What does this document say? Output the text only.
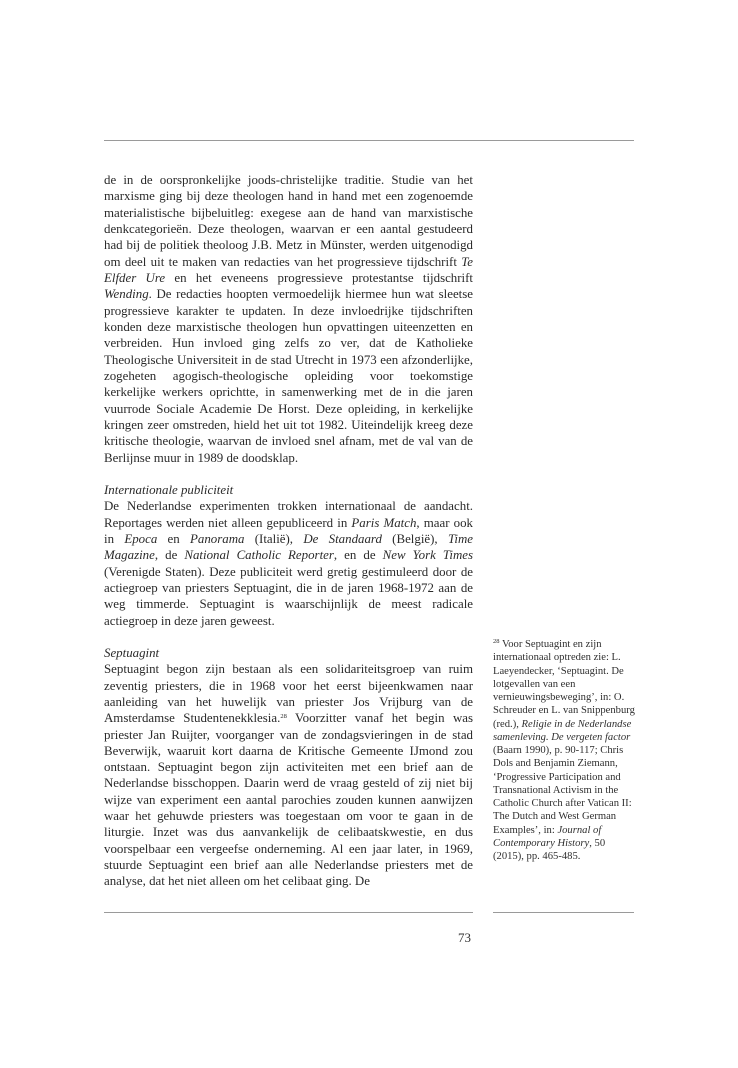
de in de oorspronkelijke joods-christelijke traditie. Studie van het marxisme ging bij deze theologen hand in hand met een zogenoemde materialistische bijbeluitleg: exegese aan de hand van marxistische denkcategorieën. Deze theologen, waarvan er een aantal gestudeerd had bij de politiek theoloog J.B. Metz in Münster, werden uitgenodigd om deel uit te maken van redacties van het progressieve tijdschrift Te Elfder Ure en het eveneens progressieve protestantse tijdschrift Wending. De redacties hoopten vermoedelijk hiermee hun wat sleetse progressieve karakter te updaten. In deze invloedrijke tijdschriften konden deze marxistische theologen hun opvattingen uiteenzetten en verbreiden. Hun invloed ging zelfs zo ver, dat de Katholieke Theologische Universiteit in de stad Utrecht in 1973 een afzonderlijke, zogeheten agogisch-theologische opleiding voor toekomstige kerkelijke werkers oprichtte, in samenwerking met de in die jaren vuurrode Sociale Academie De Horst. Deze opleiding, in kerkelijke kringen zeer omstreden, hield het uit tot 1982. Uiteindelijk kreeg deze kritische theologie, waarvan de invloed snel afnam, met de val van de Berlijnse muur in 1989 de doodsklap.

Internationale publiciteit

De Nederlandse experimenten trokken internationaal de aandacht. Reportages werden niet alleen gepubliceerd in Paris Match, maar ook in Epoca en Panorama (Italië), De Standaard (België), Time Magazine, de National Catholic Reporter, en de New York Times (Verenigde Staten). Deze publiciteit werd gretig gestimuleerd door de actiegroep van priesters Septuagint, die in de jaren 1968-1972 aan de weg timmerde. Septuagint is waarschijnlijk de meest radicale actiegroep in deze jaren geweest.

Septuagint

Septuagint begon zijn bestaan als een solidariteitsgroep van ruim zeventig priesters, die in 1968 voor het eerst bijeenkwamen naar aanleiding van het huwelijk van priester Jos Vrijburg van de Amsterdamse Studentenekklesia.$^{28}$ Voorzitter vanaf het begin was priester Jan Ruijter, voorganger van de zondagsvieringen in de stad Beverwijk, waaruit kort daarna de Kritische Gemeente IJmond zou ontstaan. Septuagint begon zijn activiteiten met een brief aan de Nederlandse bisschoppen. Daarin werd de vraag gesteld of zij niet bij wijze van experiment een aantal parochies zouden kunnen aanwijzen waar het gehuwde priesters was toegestaan om voor te gaan in de liturgie. Inzet was dus aanvankelijk de celibaatskwestie, en dus voorspelbaar een vergeefse onderneming. Al een jaar later, in 1969, stuurde Septuagint een brief aan alle Nederlandse priesters met de analyse, dat het niet alleen om het celibaat ging. De

$^{28}$ Voor Septuagint en zijn internationaal optreden zie: L. Laeyendecker, ‘Septuagint. De lotgevallen van een vernieuwingsbeweging’, in: O. Schreuder en L. van Snippenburg (red.), Religie in de Nederlandse samenleving. De vergeten factor (Baarn 1990), p. 90-117; Chris Dols and Benjamin Ziemann, ‘Progressive Participation and Transnational Activism in the Catholic Church after Vatican II: The Dutch and West German Examples’, in: Journal of Contemporary History, 50 (2015), pp. 465-485.
73
